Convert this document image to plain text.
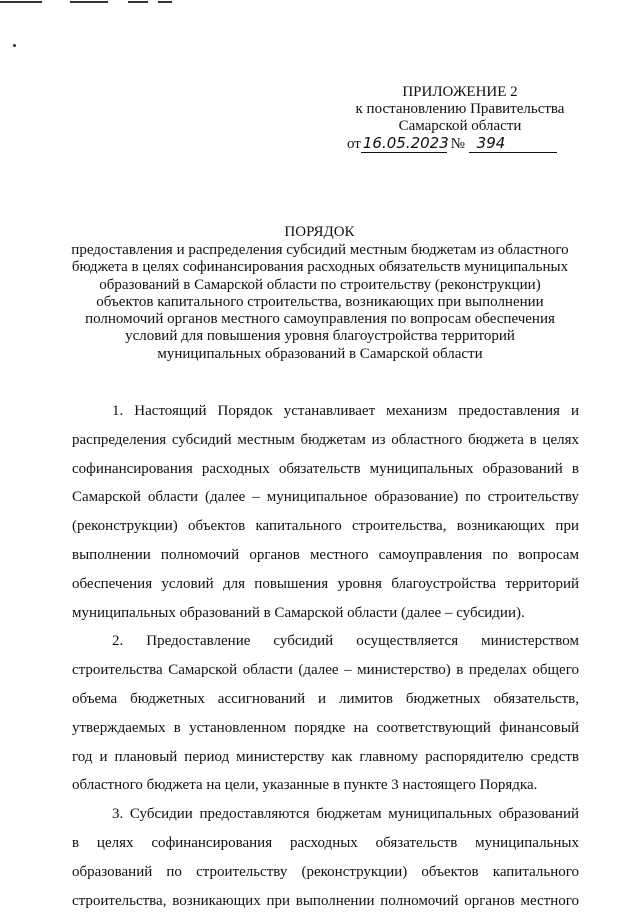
ПРИЛОЖЕНИЕ 2
к постановлению Правительства
Самарской области
от 16.05.2023 № 394
ПОРЯДОК
предоставления и распределения субсидий местным бюджетам из областного
бюджета в целях софинансирования расходных обязательств муниципальных
образований в Самарской области по строительству (реконструкции)
объектов капитального строительства, возникающих при выполнении
полномочий органов местного самоуправления по вопросам обеспечения
условий для повышения уровня благоустройства территорий
муниципальных образований в Самарской области
1. Настоящий Порядок устанавливает механизм предоставления и
распределения субсидий местным бюджетам из областного бюджета в целях
софинансирования расходных обязательств муниципальных образований в
Самарской области (далее – муниципальное образование) по строительству
(реконструкции) объектов капитального строительства, возникающих при
выполнении полномочий органов местного самоуправления по вопросам
обеспечения условий для повышения уровня благоустройства территорий
муниципальных образований в Самарской области (далее – субсидии).
2. Предоставление субсидий осуществляется министерством
строительства Самарской области (далее – министерство) в пределах общего
объема бюджетных ассигнований и лимитов бюджетных обязательств,
утверждаемых в установленном порядке на соответствующий финансовый
год и плановый период министерству как главному распорядителю средств
областного бюджета на цели, указанные в пункте 3 настоящего Порядка.
3. Субсидии предоставляются бюджетам муниципальных образований
в целях софинансирования расходных обязательств муниципальных
образований по строительству (реконструкции) объектов капитального
строительства, возникающих при выполнении полномочий органов местного
